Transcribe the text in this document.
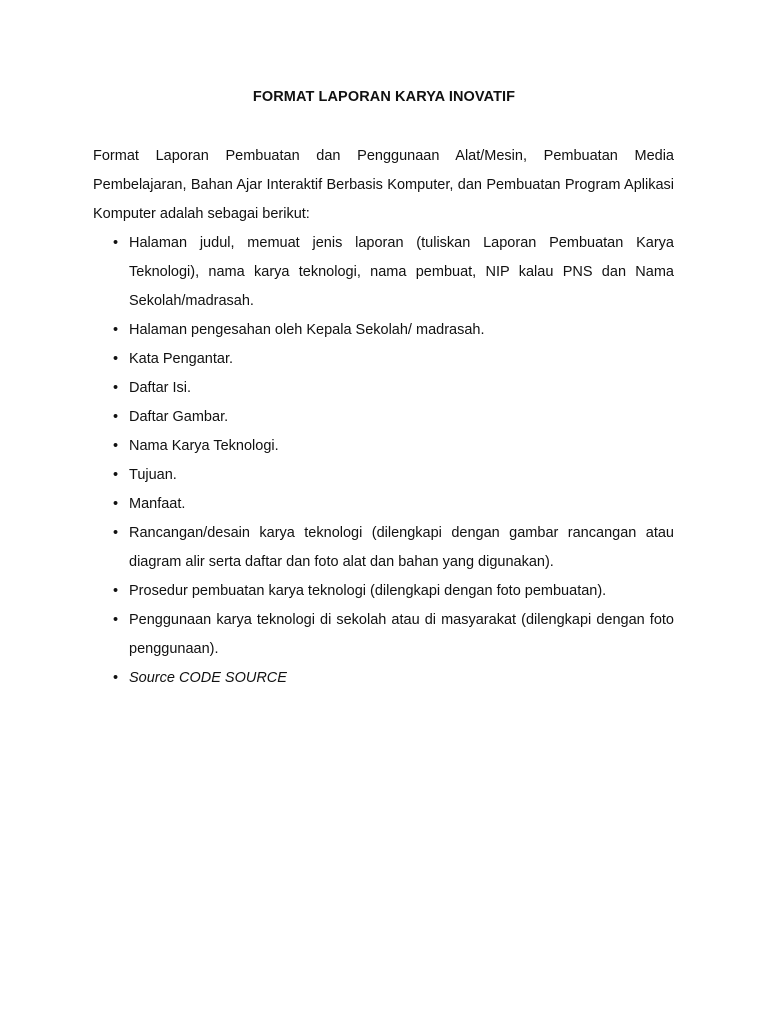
FORMAT LAPORAN KARYA INOVATIF

Format Laporan Pembuatan dan Penggunaan Alat/Mesin, Pembuatan Media Pembelajaran, Bahan Ajar Interaktif Berbasis Komputer, dan Pembuatan Program Aplikasi Komputer adalah sebagai berikut:

• Halaman judul, memuat jenis laporan (tuliskan Laporan Pembuatan Karya Teknologi), nama karya teknologi, nama pembuat, NIP kalau PNS dan Nama Sekolah/madrasah.
• Halaman pengesahan oleh Kepala Sekolah/ madrasah.
• Kata Pengantar.
• Daftar Isi.
• Daftar Gambar.
• Nama Karya Teknologi.
• Tujuan.
• Manfaat.
• Rancangan/desain karya teknologi (dilengkapi dengan gambar rancangan atau diagram alir serta daftar dan foto alat dan bahan yang digunakan).
• Prosedur pembuatan karya teknologi (dilengkapi dengan foto pembuatan).
• Penggunaan karya teknologi di sekolah atau di masyarakat (dilengkapi dengan foto penggunaan).
• Source CODE SOURCE
